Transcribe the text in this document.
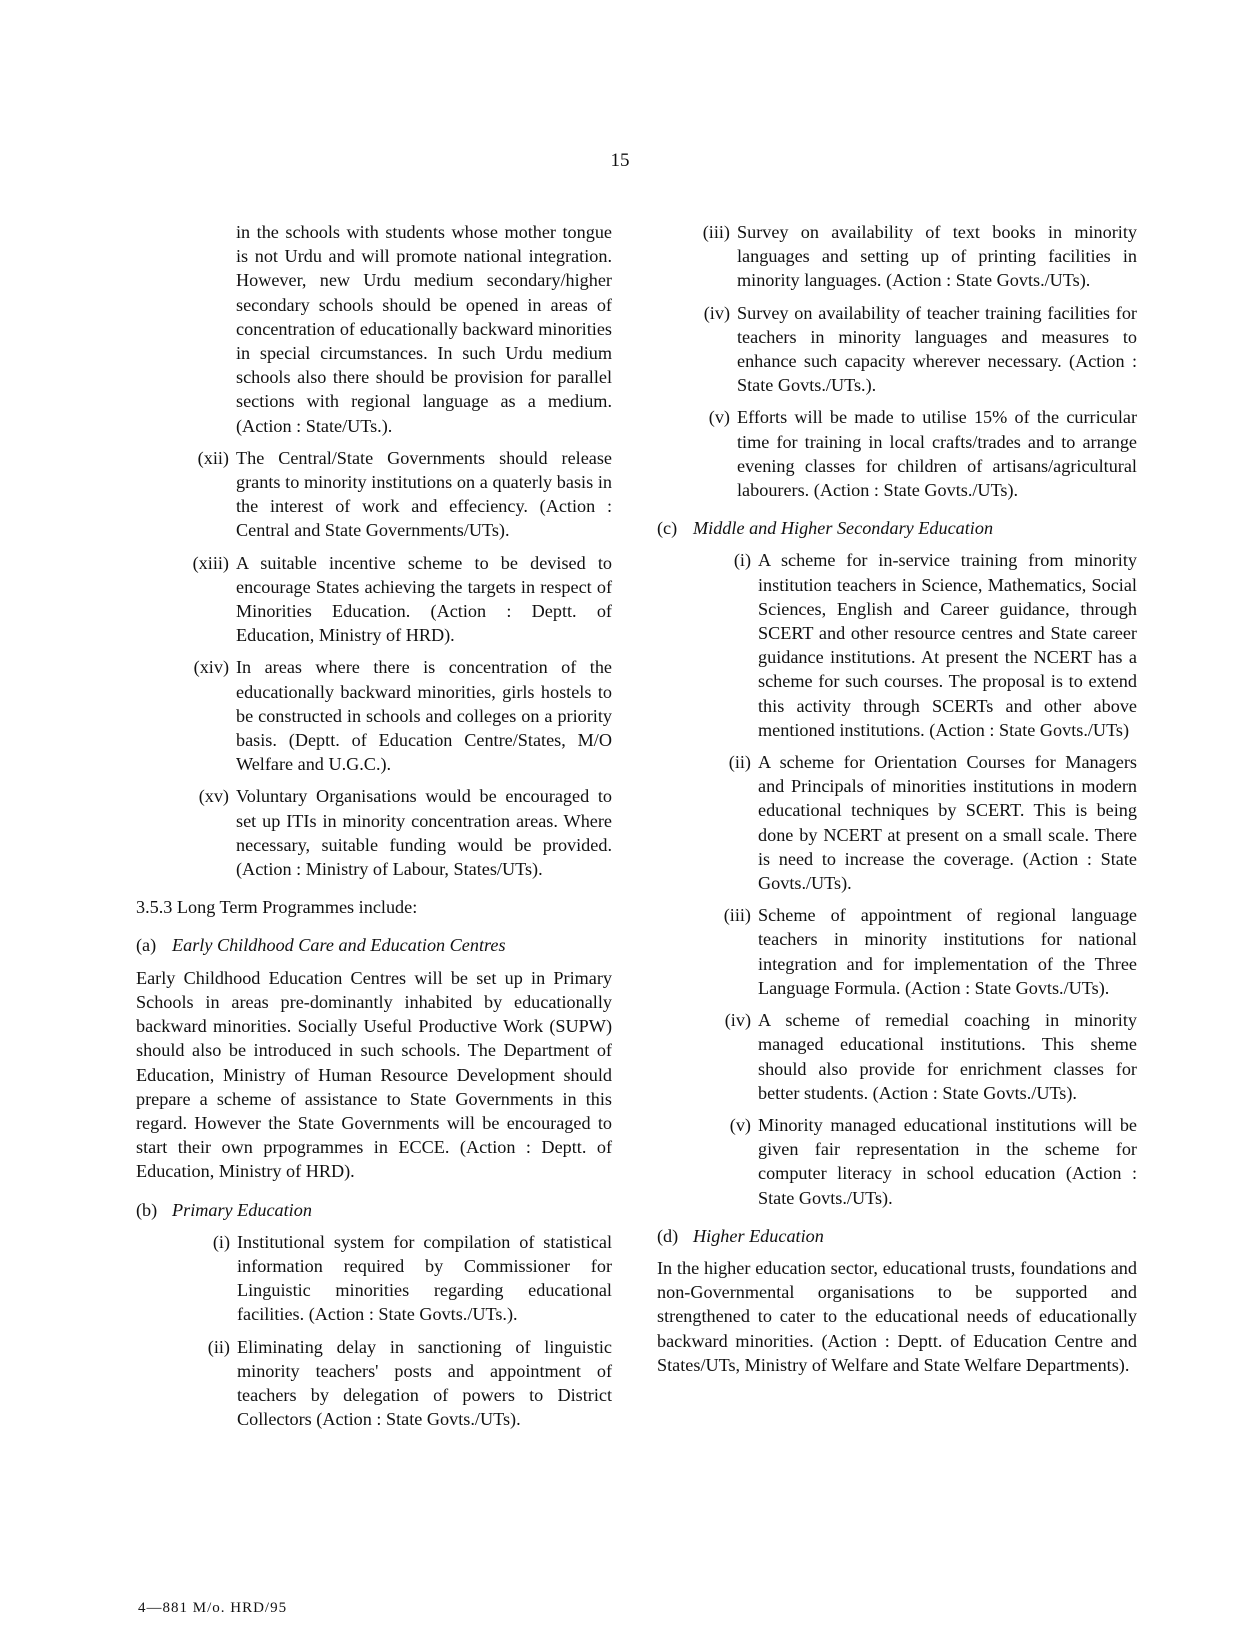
15

in the schools with students whose mother tongue is not Urdu and will promote national integration. However, new Urdu medium secondary/higher secondary schools should be opened in areas of concentration of educationally backward minorities in special circumstances. In such Urdu medium schools also there should be provision for parallel sections with regional language as a medium. (Action : State/UTs.).

(xii) The Central/State Governments should release grants to minority institutions on a quaterly basis in the interest of work and effeciency. (Action : Central and State Governments/UTs).
(xiii) A suitable incentive scheme to be devised to encourage States achieving the targets in respect of Minorities Education. (Action : Deptt. of Education, Ministry of HRD).
(xiv) In areas where there is concentration of the educationally backward minorities, girls hostels to be constructed in schools and colleges on a priority basis. (Deptt. of Education Centre/States, M/O Welfare and U.G.C.).
(xv) Voluntary Organisations would be encouraged to set up ITIs in minority concentration areas. Where necessary, suitable funding would be provided. (Action : Ministry of Labour, States/UTs).
3.5.3 Long Term Programmes include:
(a) Early Childhood Care and Education Centres

Early Childhood Education Centres will be set up in Primary Schools in areas pre-dominantly inhabited by educationally backward minorities. Socially Useful Productive Work (SUPW) should also be introduced in such schools. The Department of Education, Ministry of Human Resource Development should prepare a scheme of assistance to State Governments in this regard. However the State Governments will be encouraged to start their own prpogrammes in ECCE. (Action : Deptt. of Education, Ministry of HRD).

(b) Primary Education
(i) Institutional system for compilation of statistical information required by Commissioner for Linguistic minorities regarding educational facilities. (Action : State Govts./UTs.).
(ii) Eliminating delay in sanctioning of linguistic minority teachers' posts and appointment of teachers by delegation of powers to District Collectors (Action : State Govts./UTs).
(iii) Survey on availability of text books in minority languages and setting up of printing facilities in minority languages. (Action : State Govts./UTs).
(iv) Survey on availability of teacher training facilities for teachers in minority languages and measures to enhance such capacity wherever necessary. (Action : State Govts./UTs.).
(v) Efforts will be made to utilise 15% of the curricular time for training in local crafts/trades and to arrange evening classes for children of artisans/agricultural labourers. (Action : State Govts./UTs).
(c) Middle and Higher Secondary Education
(i) A scheme for in-service training from minority institution teachers in Science, Mathematics, Social Sciences, English and Career guidance, through SCERT and other resource centres and State career guidance institutions. At present the NCERT has a scheme for such courses. The proposal is to extend this activity through SCERTs and other above mentioned institutions. (Action : State Govts./UTs)
(ii) A scheme for Orientation Courses for Managers and Principals of minorities institutions in modern educational techniques by SCERT. This is being done by NCERT at present on a small scale. There is need to increase the coverage. (Action : State Govts./UTs).
(iii) Scheme of appointment of regional language teachers in minority institutions for national integration and for implementation of the Three Language Formula. (Action : State Govts./UTs).
(iv) A scheme of remedial coaching in minority managed educational institutions. This sheme should also provide for enrichment classes for better students. (Action : State Govts./UTs).
(v) Minority managed educational institutions will be given fair representation in the scheme for computer literacy in school education (Action : State Govts./UTs).
(d) Higher Education

In the higher education sector, educational trusts, foundations and non-Governmental organisations to be supported and strengthened to cater to the educational needs of educationally backward minorities. (Action : Deptt. of Education Centre and States/UTs, Ministry of Welfare and State Welfare Departments).

4—881 M/o. HRD/95
